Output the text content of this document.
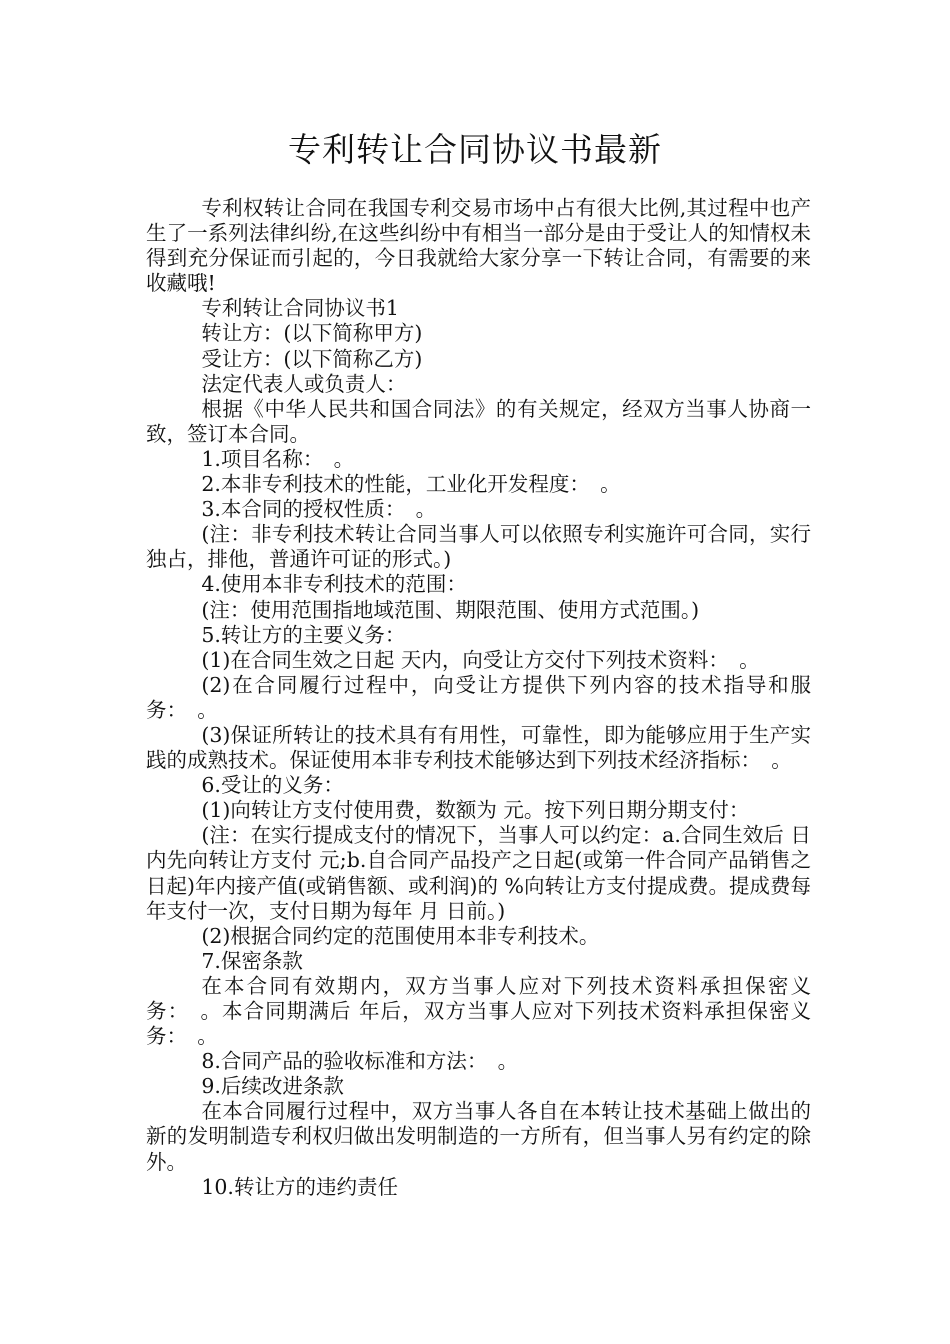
专利转让合同协议书最新

专利权转让合同在我国专利交易市场中占有很大比例,其过程中也产生了一系列法律纠纷,在这些纠纷中有相当一部分是由于受让人的知情权未得到充分保证而引起的，今日我就给大家分享一下转让合同，有需要的来收藏哦!

专利转让合同协议书1

转让方：(以下简称甲方)

受让方：(以下简称乙方)

法定代表人或负责人：

根据《中华人民共和国合同法》的有关规定，经双方当事人协商一致，签订本合同。

1.项目名称：　。

2.本非专利技术的性能，工业化开发程度：　。

3.本合同的授权性质：　。

(注：非专利技术转让合同当事人可以依照专利实施许可合同，实行独占，排他，普通许可证的形式。)

4.使用本非专利技术的范围：

(注：使用范围指地域范围、期限范围、使用方式范围。)

5.转让方的主要义务：

(1)在合同生效之日起 天内，向受让方交付下列技术资料：　。

(2)在合同履行过程中，向受让方提供下列内容的技术指导和服务：　。

(3)保证所转让的技术具有有用性，可靠性，即为能够应用于生产实践的成熟技术。保证使用本非专利技术能够达到下列技术经济指标：　。

6.受让的义务：

(1)向转让方支付使用费，数额为 元。按下列日期分期支付：

(注：在实行提成支付的情况下，当事人可以约定：a.合同生效后 日内先向转让方支付 元;b.自合同产品投产之日起(或第一件合同产品销售之日起)年内接产值(或销售额、或利润)的 %向转让方支付提成费。提成费每年支付一次，支付日期为每年 月 日前。)

(2)根据合同约定的范围使用本非专利技术。

7.保密条款

在本合同有效期内，双方当事人应对下列技术资料承担保密义务：　。本合同期满后 年后，双方当事人应对下列技术资料承担保密义务：　。

8.合同产品的验收标准和方法：　。

9.后续改进条款

在本合同履行过程中，双方当事人各自在本转让技术基础上做出的新的发明制造专利权归做出发明制造的一方所有，但当事人另有约定的除外。

10.转让方的违约责任
